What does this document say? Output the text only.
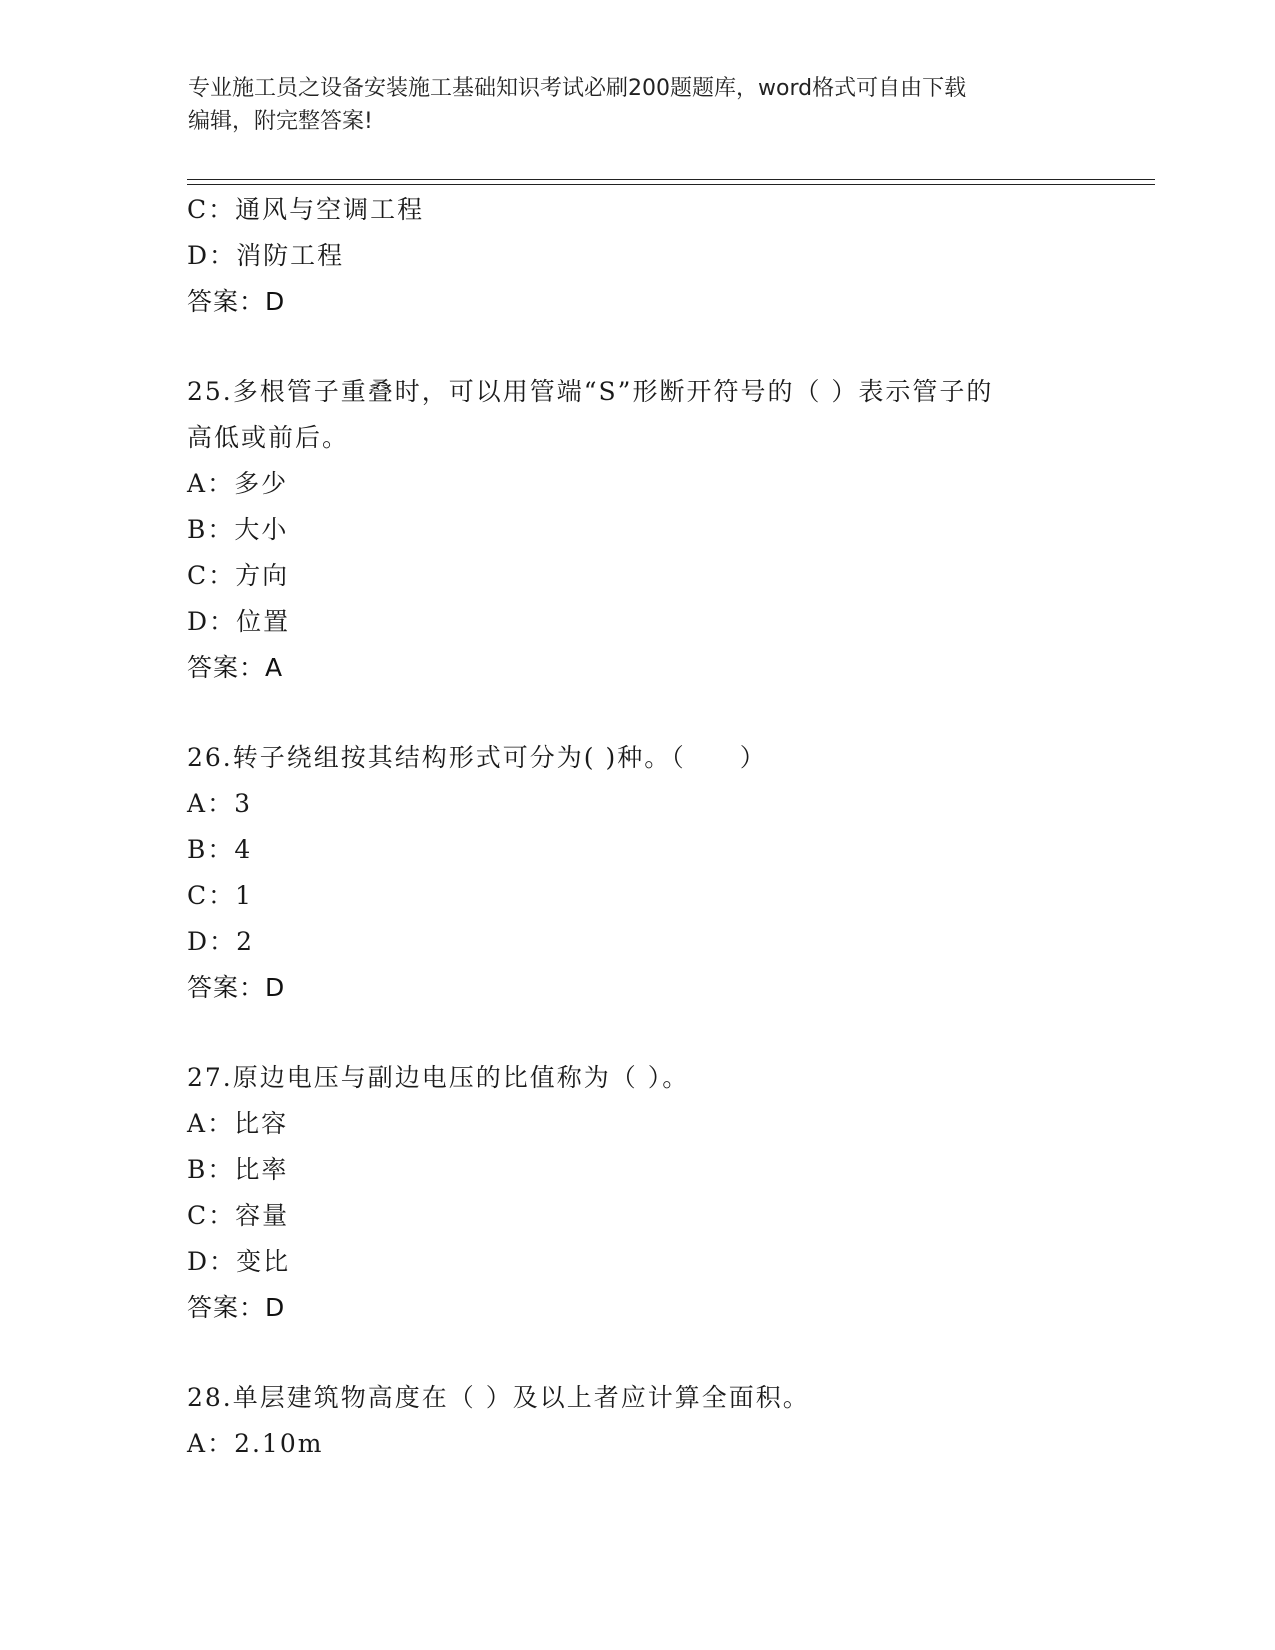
专业施工员之设备安装施工基础知识考试必刷200题题库，word格式可自由下载
编辑，附完整答案!
C：通风与空调工程
D：消防工程
答案：D
25.多根管子重叠时，可以用管端“S”形断开符号的（ ）表示管子的
高低或前后。
A：多少
B：大小
C：方向
D：位置
答案：A
26.转子绕组按其结构形式可分为( )种。（　　）
A：3
B：4
C：1
D：2
答案：D
27.原边电压与副边电压的比值称为（ ）。
A：比容
B：比率
C：容量
D：变比
答案：D
28.单层建筑物高度在（ ）及以上者应计算全面积。
A：2.10m
